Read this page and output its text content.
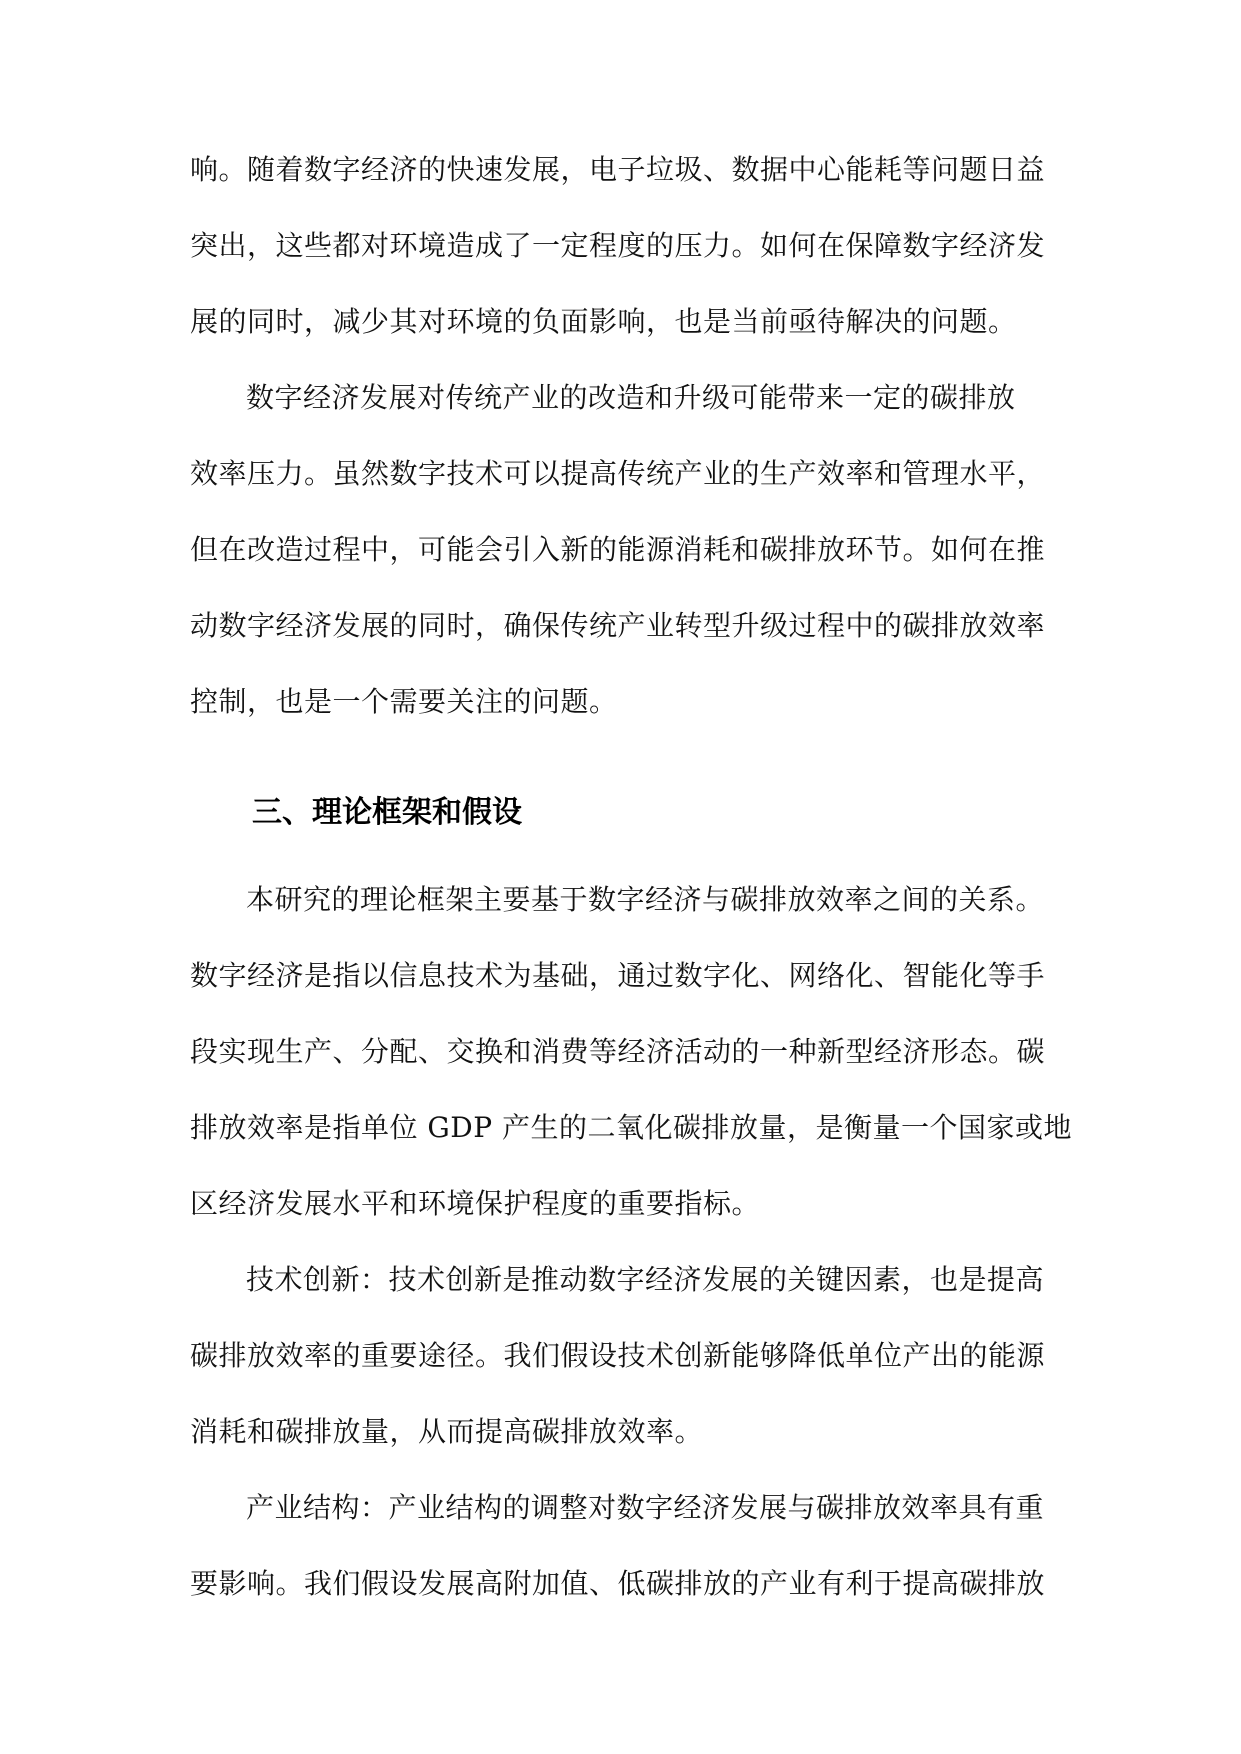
响。随着数字经济的快速发展，电子垃圾、数据中心能耗等问题日益
突出，这些都对环境造成了一定程度的压力。如何在保障数字经济发
展的同时，减少其对环境的负面影响，也是当前亟待解决的问题。
数字经济发展对传统产业的改造和升级可能带来一定的碳排放
效率压力。虽然数字技术可以提高传统产业的生产效率和管理水平，
但在改造过程中，可能会引入新的能源消耗和碳排放环节。如何在推
动数字经济发展的同时，确保传统产业转型升级过程中的碳排放效率
控制，也是一个需要关注的问题。
三、理论框架和假设
本研究的理论框架主要基于数字经济与碳排放效率之间的关系。
数字经济是指以信息技术为基础，通过数字化、网络化、智能化等手
段实现生产、分配、交换和消费等经济活动的一种新型经济形态。碳
排放效率是指单位 GDP 产生的二氧化碳排放量，是衡量一个国家或地
区经济发展水平和环境保护程度的重要指标。
技术创新：技术创新是推动数字经济发展的关键因素，也是提高
碳排放效率的重要途径。我们假设技术创新能够降低单位产出的能源
消耗和碳排放量，从而提高碳排放效率。
产业结构：产业结构的调整对数字经济发展与碳排放效率具有重
要影响。我们假设发展高附加值、低碳排放的产业有利于提高碳排放
